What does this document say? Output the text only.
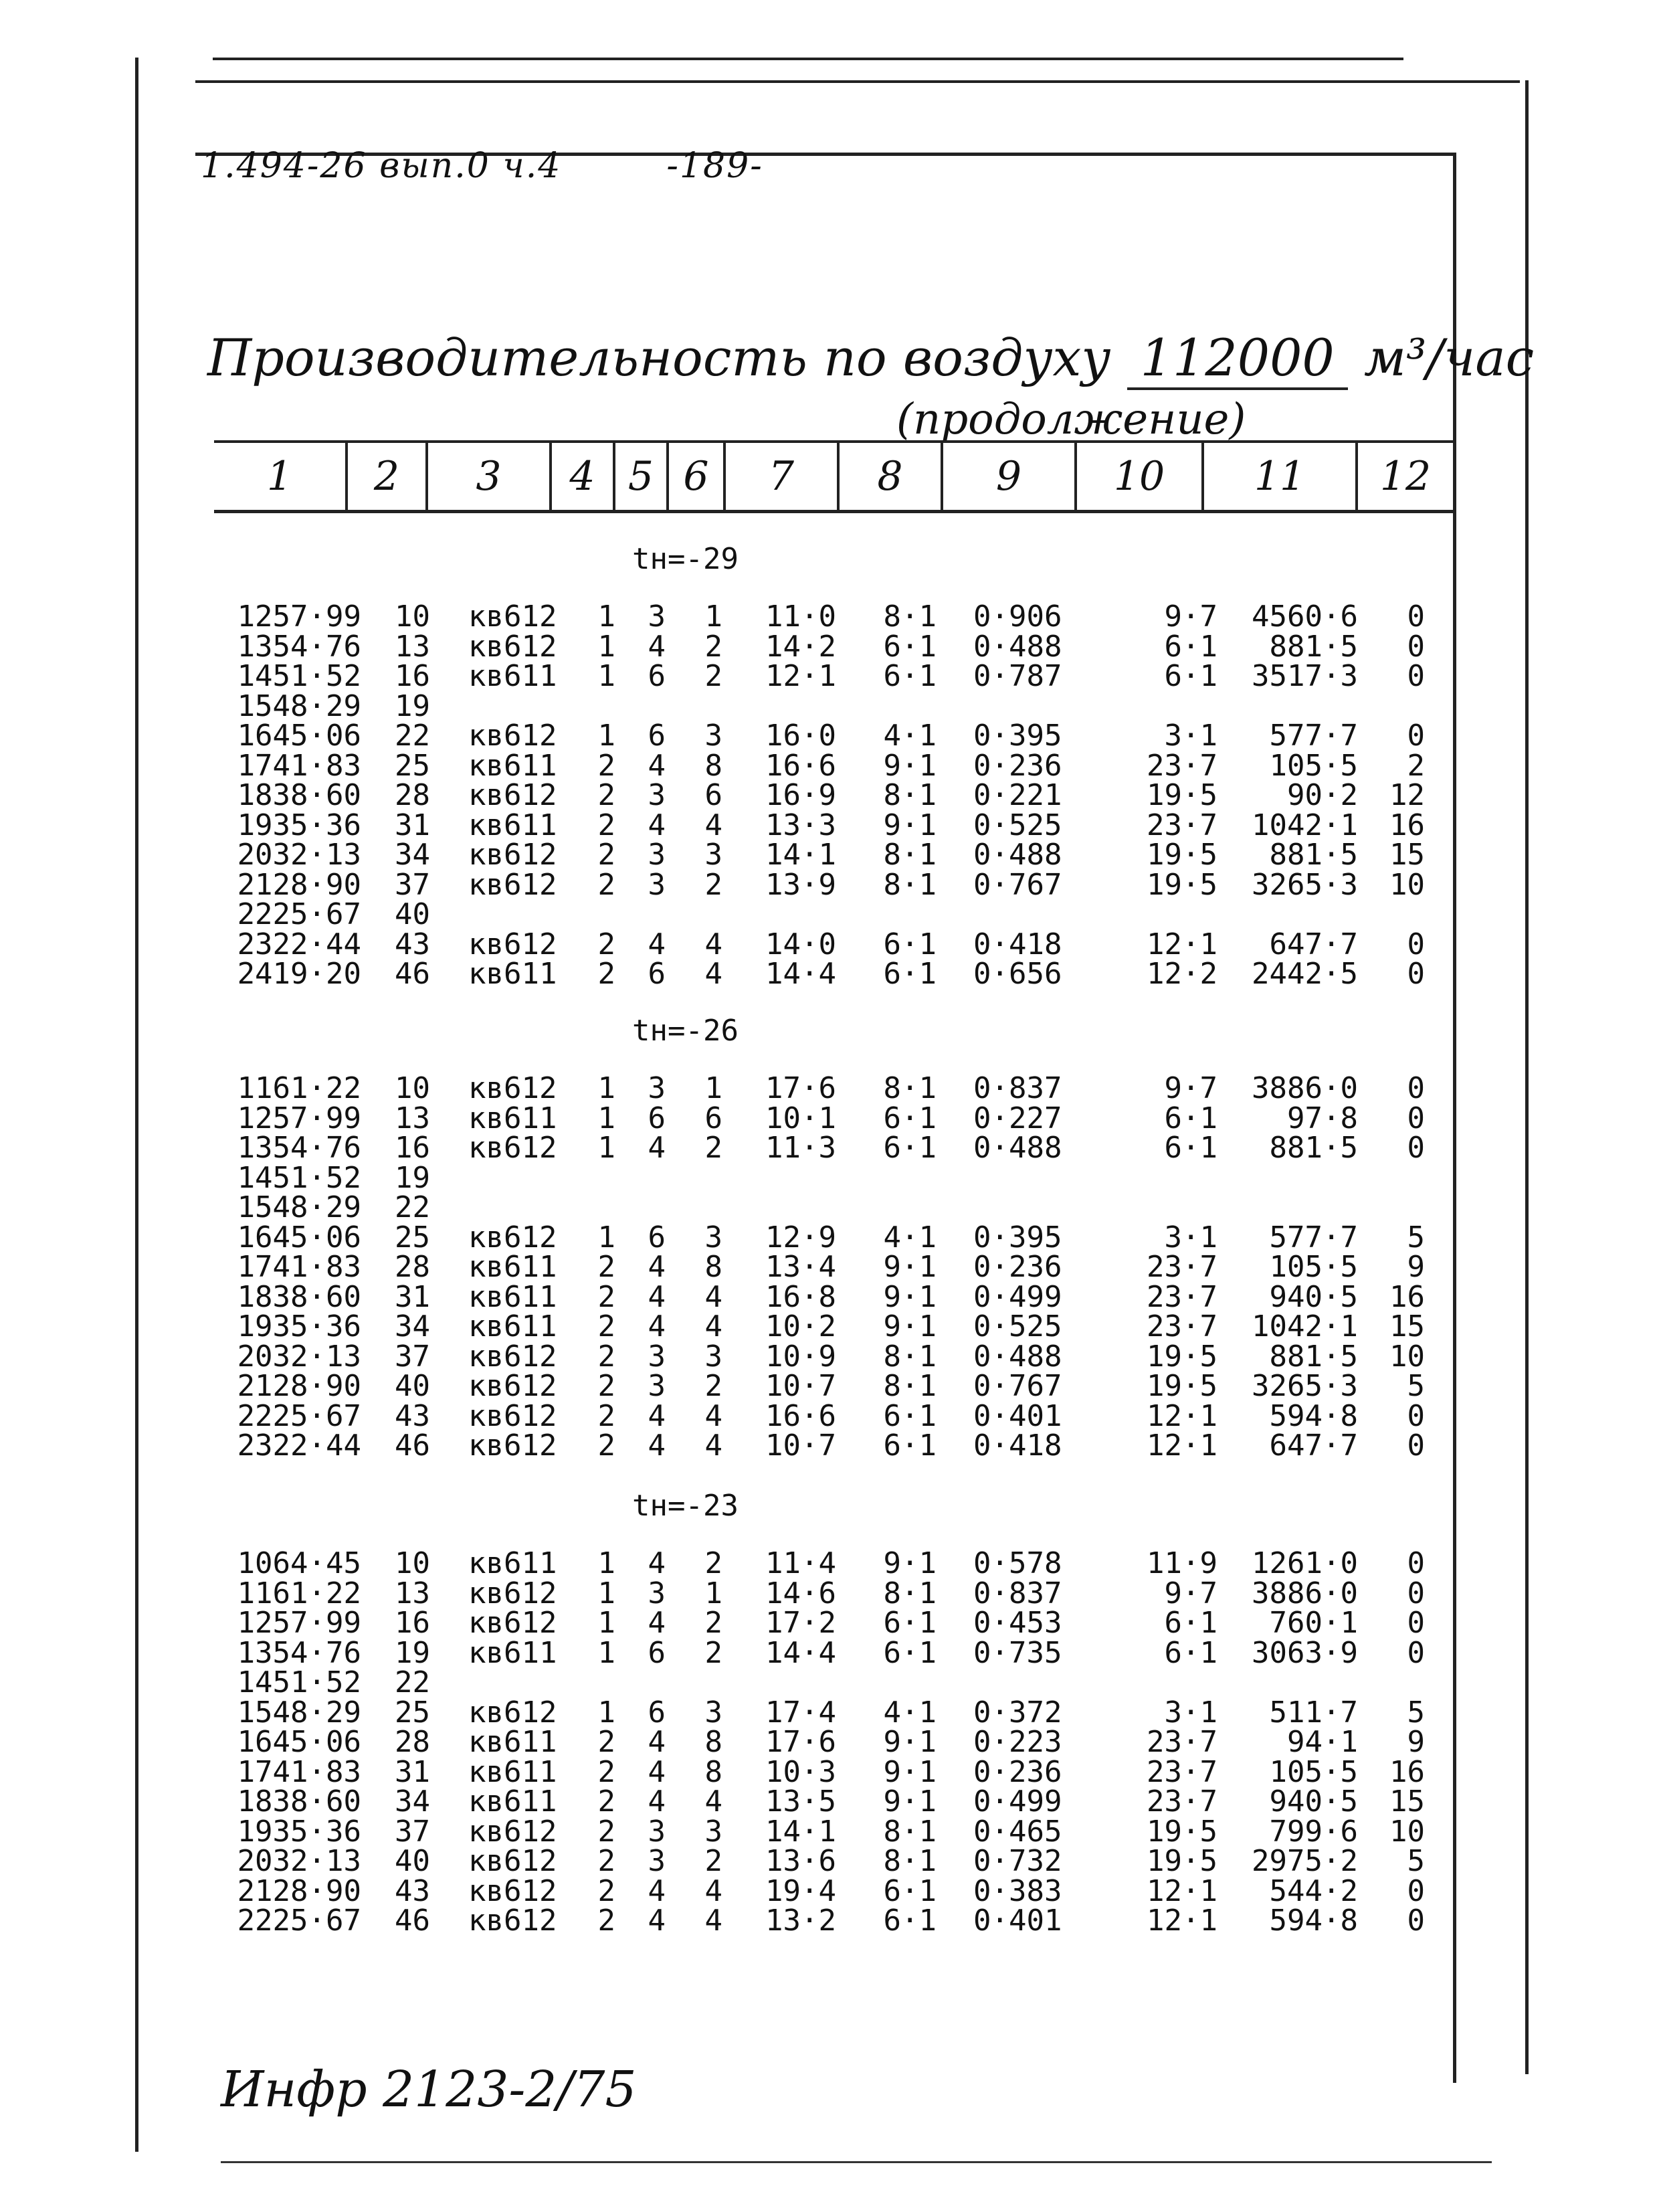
1.494-26 вып.0 ч.4	-189-
Производительность по воздуху 112000 м³/час
(продолжение)
1	2	3	4 5 6	7	8	9	10	11	12
tн=-29
1257·99 10	кв612	1	3	1	11·0	8·1 0·906	9·7	4560·6	0
1354·76 13	кв612	1	4	2	14·2	6·1 0·488	6·1	881·5	0
1451·52 16	кв611	1	6	2	12·1	6·1 0·787	6·1	3517·3	0
1548·29 19
1645·06 22	кв612	1	6	3	16·0	4·1 0·395	3·1	577·7	0
1741·83 25	кв611	2	4	8	16·6	9·1 0·236	23·7	105·5	2
1838·60 28	кв612	2	3	6	16·9	8·1 0·221	19·5	90·2 12
1935·36 31	кв611	2	4	4	13·3	9·1 0·525	23·7	1042·1 16
2032·13 34	кв612	2	3	3	14·1	8·1 0·488	19·5	881·5 15
2128·90 37	кв612	2	3	2	13·9	8·1 0·767	19·5	3265·3 10
2225·67 40
2322·44 43	кв612	2	4	4	14·0	6·1 0·418	12·1	647·7	0
2419·20 46	кв611	2	6	4	14·4	6·1 0·656	12·2	2442·5	0
tн=-26
1161·22 10	кв612	1	3	1	17·6	8·1 0·837	9·7	3886·0	0
1257·99 13	кв611	1	6	6	10·1	6·1 0·227	6·1	97·8	0
1354·76 16	кв612	1	4	2	11·3	6·1 0·488	6·1	881·5	0
1451·52 19
1548·29 22
1645·06 25	кв612	1	6	3	12·9	4·1 0·395	3·1	577·7	5
1741·83 28	кв611	2	4	8	13·4	9·1 0·236	23·7	105·5	9
1838·60 31	кв611	2	4	4	16·8	9·1 0·499	23·7	940·5 16
1935·36 34	кв611	2	4	4	10·2	9·1 0·525	23·7	1042·1 15
2032·13 37	кв612	2	3	3	10·9	8·1 0·488	19·5	881·5 10
2128·90 40	кв612	2	3	2	10·7	8·1 0·767	19·5	3265·3	5
2225·67 43	кв612	2	4	4	16·6	6·1 0·401	12·1	594·8	0
2322·44 46	кв612	2	4	4	10·7	6·1 0·418	12·1	647·7	0
tн=-23
1064·45 10	кв611	1	4	2	11·4	9·1 0·578	11·9	1261·0	0
1161·22 13	кв612	1	3	1	14·6	8·1 0·837	9·7	3886·0	0
1257·99 16	кв612	1	4	2	17·2	6·1 0·453	6·1	760·1	0
1354·76 19	кв611	1	6	2	14·4	6·1 0·735	6·1	3063·9	0
1451·52 22
1548·29 25	кв612	1	6	3	17·4	4·1 0·372	3·1	511·7	5
1645·06 28	кв611	2	4	8	17·6	9·1 0·223	23·7	94·1	9
1741·83 31	кв611	2	4	8	10·3	9·1 0·236	23·7	105·5 16
1838·60 34	кв611	2	4	4	13·5	9·1 0·499	23·7	940·5 15
1935·36 37	кв612	2	3	3	14·1	8·1 0·465	19·5	799·6 10
2032·13 40	кв612	2	3	2	13·6	8·1 0·732	19·5	2975·2	5
2128·90 43	кв612	2	4	4	19·4	6·1 0·383	12·1	544·2	0
2225·67 46	кв612	2	4	4	13·2	6·1 0·401	12·1	594·8	0
Инфр 2123-2/75
